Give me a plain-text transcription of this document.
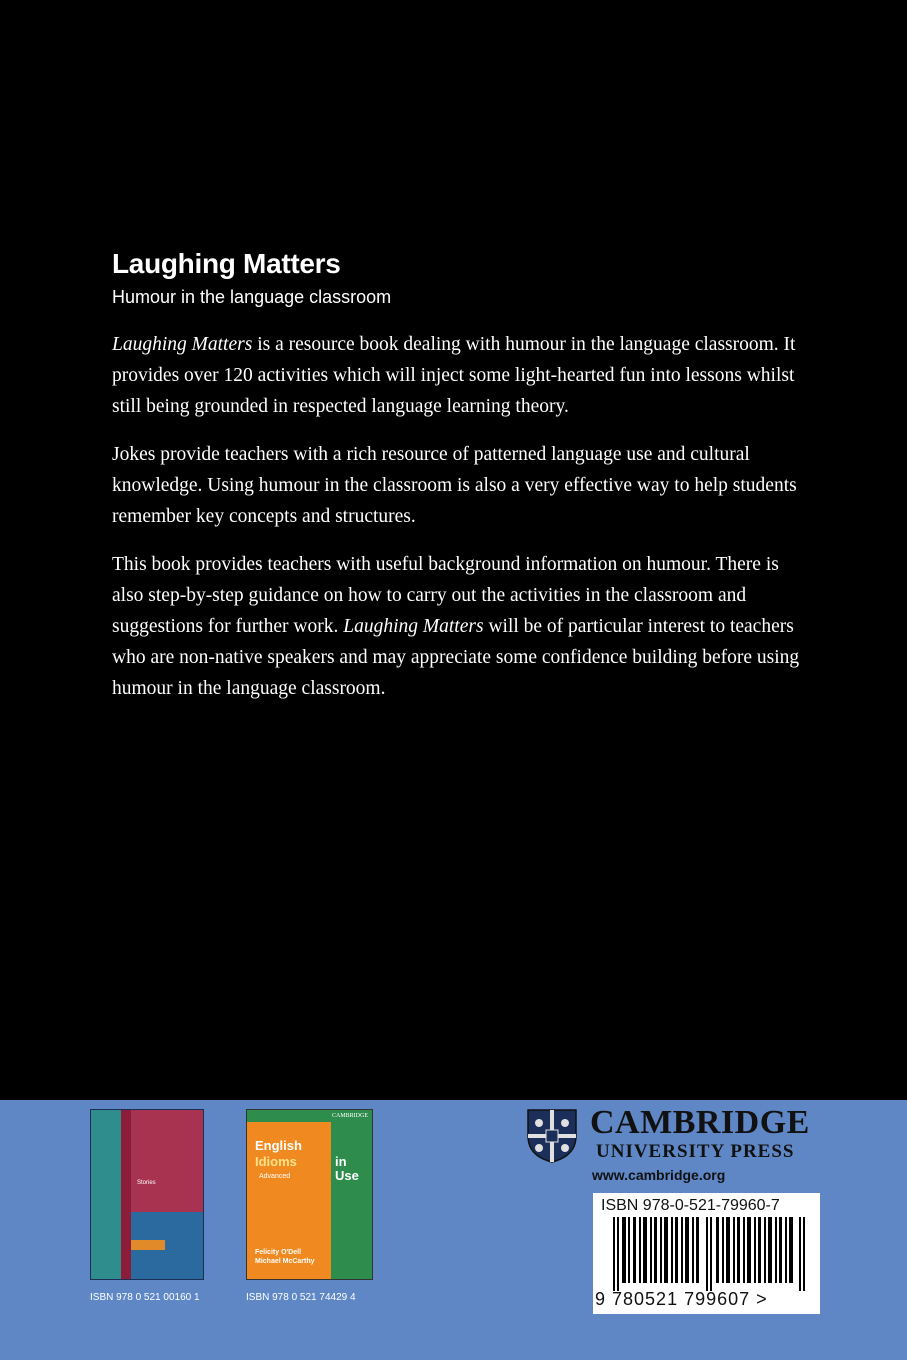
Laughing Matters
Humour in the language classroom

Laughing Matters is a resource book dealing with humour in the language classroom. It provides over 120 activities which will inject some light-hearted fun into lessons whilst still being grounded in respected language learning theory.

Jokes provide teachers with a rich resource of patterned language use and cultural knowledge. Using humour in the classroom is also a very effective way to help students remember key concepts and structures.

This book provides teachers with useful background information on humour. There is also step-by-step guidance on how to carry out the activities in the classroom and suggestions for further work. Laughing Matters will be of particular interest to teachers who are non-native speakers and may appreciate some confidence building before using humour in the language classroom.

Stories
ISBN 978 0 521 00160 1
CAMBRIDGE
English
Idioms	in
Use
Advanced
Felicity O'Dell
Michael McCarthy
ISBN 978 0 521 74429 4
CAMBRIDGE
UNIVERSITY PRESS
www.cambridge.org
ISBN 978-0-521-79960-7
9 780521 799607 >
